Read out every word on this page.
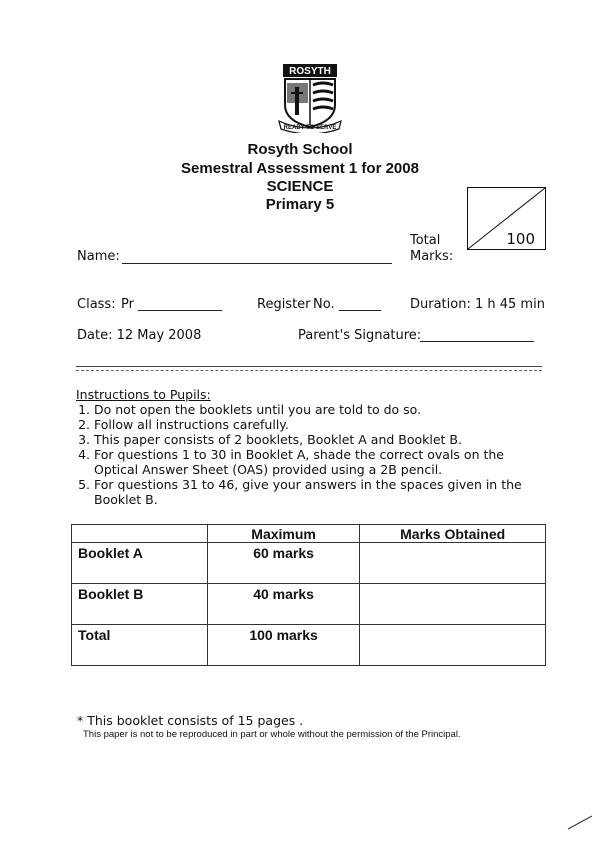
ROSYTH
READY TO SERVE
Rosyth School
Semestral Assessment 1 for 2008
SCIENCE
Primary 5
100
Total
Marks:
Name:
Class: Pr	Register No.	Duration: 1 h 45 min
Date: 12 May 2008	Parent's Signature:
Instructions to Pupils:
1. Do not open the booklets until you are told to do so.
2. Follow all instructions carefully.
3. This paper consists of 2 booklets, Booklet A and Booklet B.
4. For questions 1 to 30 in Booklet A, shade the correct ovals on the Optical Answer Sheet (OAS) provided using a 2B pencil.
5. For questions 31 to 46, give your answers in the spaces given in the Booklet B.
	Maximum	Marks Obtained
Booklet A	60 marks	
Booklet B	40 marks	
Total	100 marks	
* This booklet consists of 15 pages .
This paper is not to be reproduced in part or whole without the permission of the Principal.
